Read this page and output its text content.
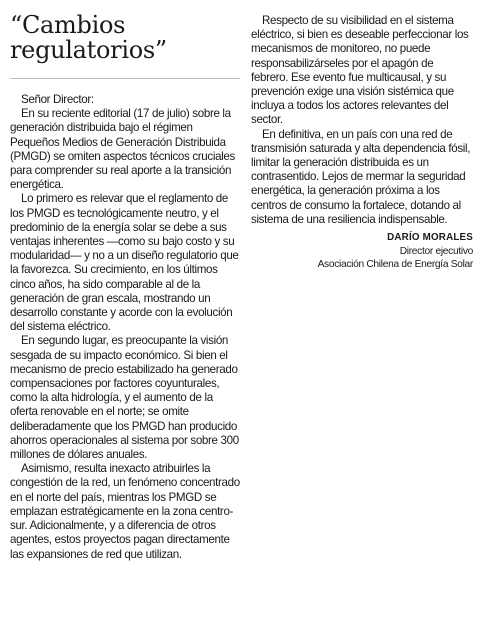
“Cambios regulatorios”

Señor Director:

En su reciente editorial (17 de julio) sobre la generación distribuida bajo el régimen Pequeños Medios de Generación Distribuida (PMGD) se omiten aspectos técnicos cruciales para comprender su real aporte a la transición energética.

Lo primero es relevar que el reglamento de los PMGD es tecnológicamente neutro, y el predominio de la energía solar se debe a sus ventajas inherentes —como su bajo costo y su modularidad— y no a un diseño regulatorio que la favorezca. Su crecimiento, en los últimos cinco años, ha sido comparable al de la generación de gran escala, mostrando un desarrollo constante y acorde con la evolución del sistema eléctrico.

En segundo lugar, es preocupante la visión sesgada de su impacto económico. Si bien el mecanismo de precio estabilizado ha generado compensaciones por factores coyunturales, como la alta hidrología, y el aumento de la oferta renovable en el norte; se omite deliberadamente que los PMGD han producido ahorros operacionales al sistema por sobre 300 millones de dólares anuales.

Asimismo, resulta inexacto atribuirles la congestión de la red, un fenómeno concentrado en el norte del país, mientras los PMGD se emplazan estratégicamente en la zona centro-sur. Adicionalmente, y a diferencia de otros agentes, estos proyectos pagan directamente las expansiones de red que utilizan.

Respecto de su visibilidad en el sistema eléctrico, si bien es deseable perfeccionar los mecanismos de monitoreo, no puede responsabilizárseles por el apagón de febrero. Ese evento fue multicausal, y su prevención exige una visión sistémica que incluya a todos los actores relevantes del sector.

En definitiva, en un país con una red de transmisión saturada y alta dependencia fósil, limitar la generación distribuida es un contrasentido. Lejos de mermar la seguridad energética, la generación próxima a los centros de consumo la fortalece, dotando al sistema de una resiliencia indispensable.

DARÍO MORALES
Director ejecutivo
Asociación Chilena de Energía Solar
